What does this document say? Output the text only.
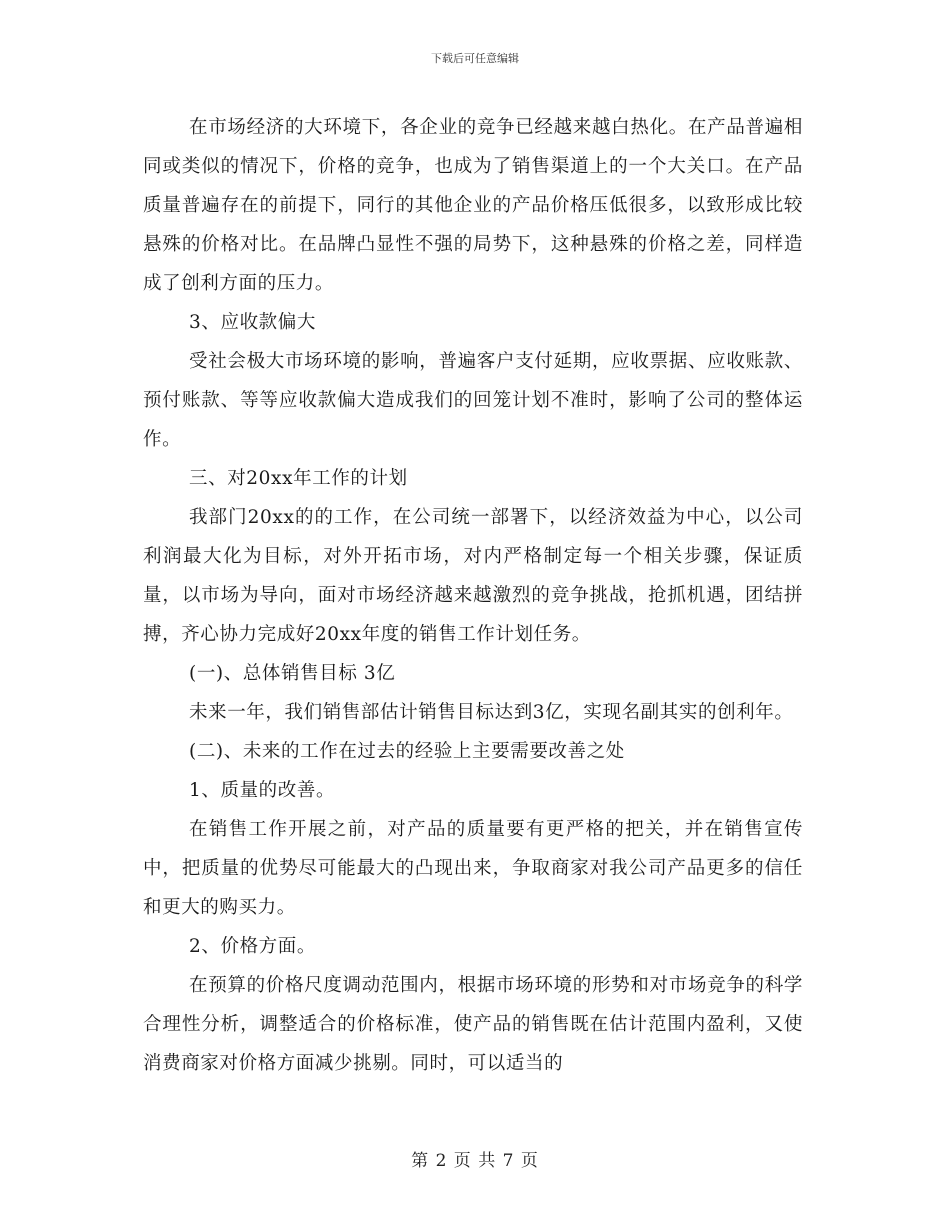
下载后可任意编辑

在市场经济的大环境下，各企业的竞争已经越来越白热化。在产品普遍相同或类似的情况下，价格的竞争，也成为了销售渠道上的一个大关口。在产品质量普遍存在的前提下，同行的其他企业的产品价格压低很多，以致形成比较悬殊的价格对比。在品牌凸显性不强的局势下，这种悬殊的价格之差，同样造成了创利方面的压力。

3、应收款偏大

受社会极大市场环境的影响，普遍客户支付延期，应收票据、应收账款、预付账款、等等应收款偏大造成我们的回笼计划不准时，影响了公司的整体运作。

三、对20xx年工作的计划

我部门20xx的的工作，在公司统一部署下，以经济效益为中心，以公司利润最大化为目标，对外开拓市场，对内严格制定每一个相关步骤，保证质量，以市场为导向，面对市场经济越来越激烈的竞争挑战，抢抓机遇，团结拼搏，齐心协力完成好20xx年度的销售工作计划任务。

(一)、总体销售目标 3亿

未来一年，我们销售部估计销售目标达到3亿，实现名副其实的创利年。

(二)、未来的工作在过去的经验上主要需要改善之处

1、质量的改善。

在销售工作开展之前，对产品的质量要有更严格的把关，并在销售宣传中，把质量的优势尽可能最大的凸现出来，争取商家对我公司产品更多的信任和更大的购买力。

2、价格方面。

在预算的价格尺度调动范围内，根据市场环境的形势和对市场竞争的科学合理性分析，调整适合的价格标准，使产品的销售既在估计范围内盈利，又使消费商家对价格方面减少挑剔。同时，可以适当的

第 2 页 共 7 页
